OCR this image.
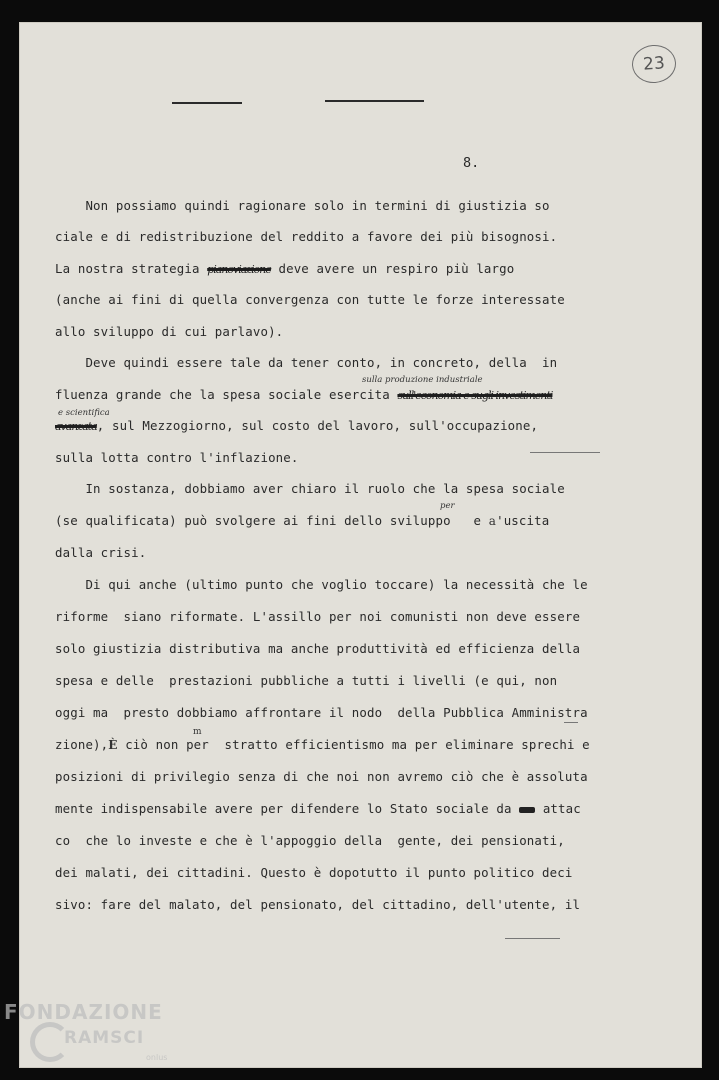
23
8.
Non possiamo quindi ragionare solo in termini di giustizia so
ciale e di redistribuzione del reddito a favore dei più bisognosi.
La nostra strategia pianoviazione deve avere un respiro più largo
(anche ai fini di quella convergenza con tutte le forze interessate
allo sviluppo di cui parlavo).
Deve quindi essere tale da tener conto, in concreto, della  in
sulla produzione industriale
fluenza grande che la spesa sociale esercita sull'economia e sugli investimenti
e scientifica
avanzata, sul Mezzogiorno, sul costo del lavoro, sull'occupazione,
sulla lotta contro l'inflazione.
In sostanza, dobbiamo aver chiaro il ruolo che la spesa sociale
per
(se qualificata) può svolgere ai fini dello sviluppo   e a'uscita
dalla crisi.
Di qui anche (ultimo punto che voglio toccare) la necessità che le
riforme  siano riformate. L'assillo per noi comunisti non deve essere
solo giustizia distributiva ma anche produttività ed efficienza della
spesa e delle  prestazioni pubbliche a tutti i livelli (e qui, non
oggi ma  presto dobbiamo affrontare il nodo  della Pubblica Amministra
m
zione),È ciò non per stratto efficientismo ma per eliminare sprechi e
posizioni di privilegio senza di che noi non avremo ciò che è assoluta
mente indispensabile avere per difendere lo Stato sociale da  attac
co  che lo investe e che è l'appoggio della  gente, dei pensionati,
dei malati, dei cittadini. Questo è dopotutto il punto politico deci
sivo: fare del malato, del pensionato, del cittadino, dell'utente, il
FONDAZIONE
RAMSCI
onlus
